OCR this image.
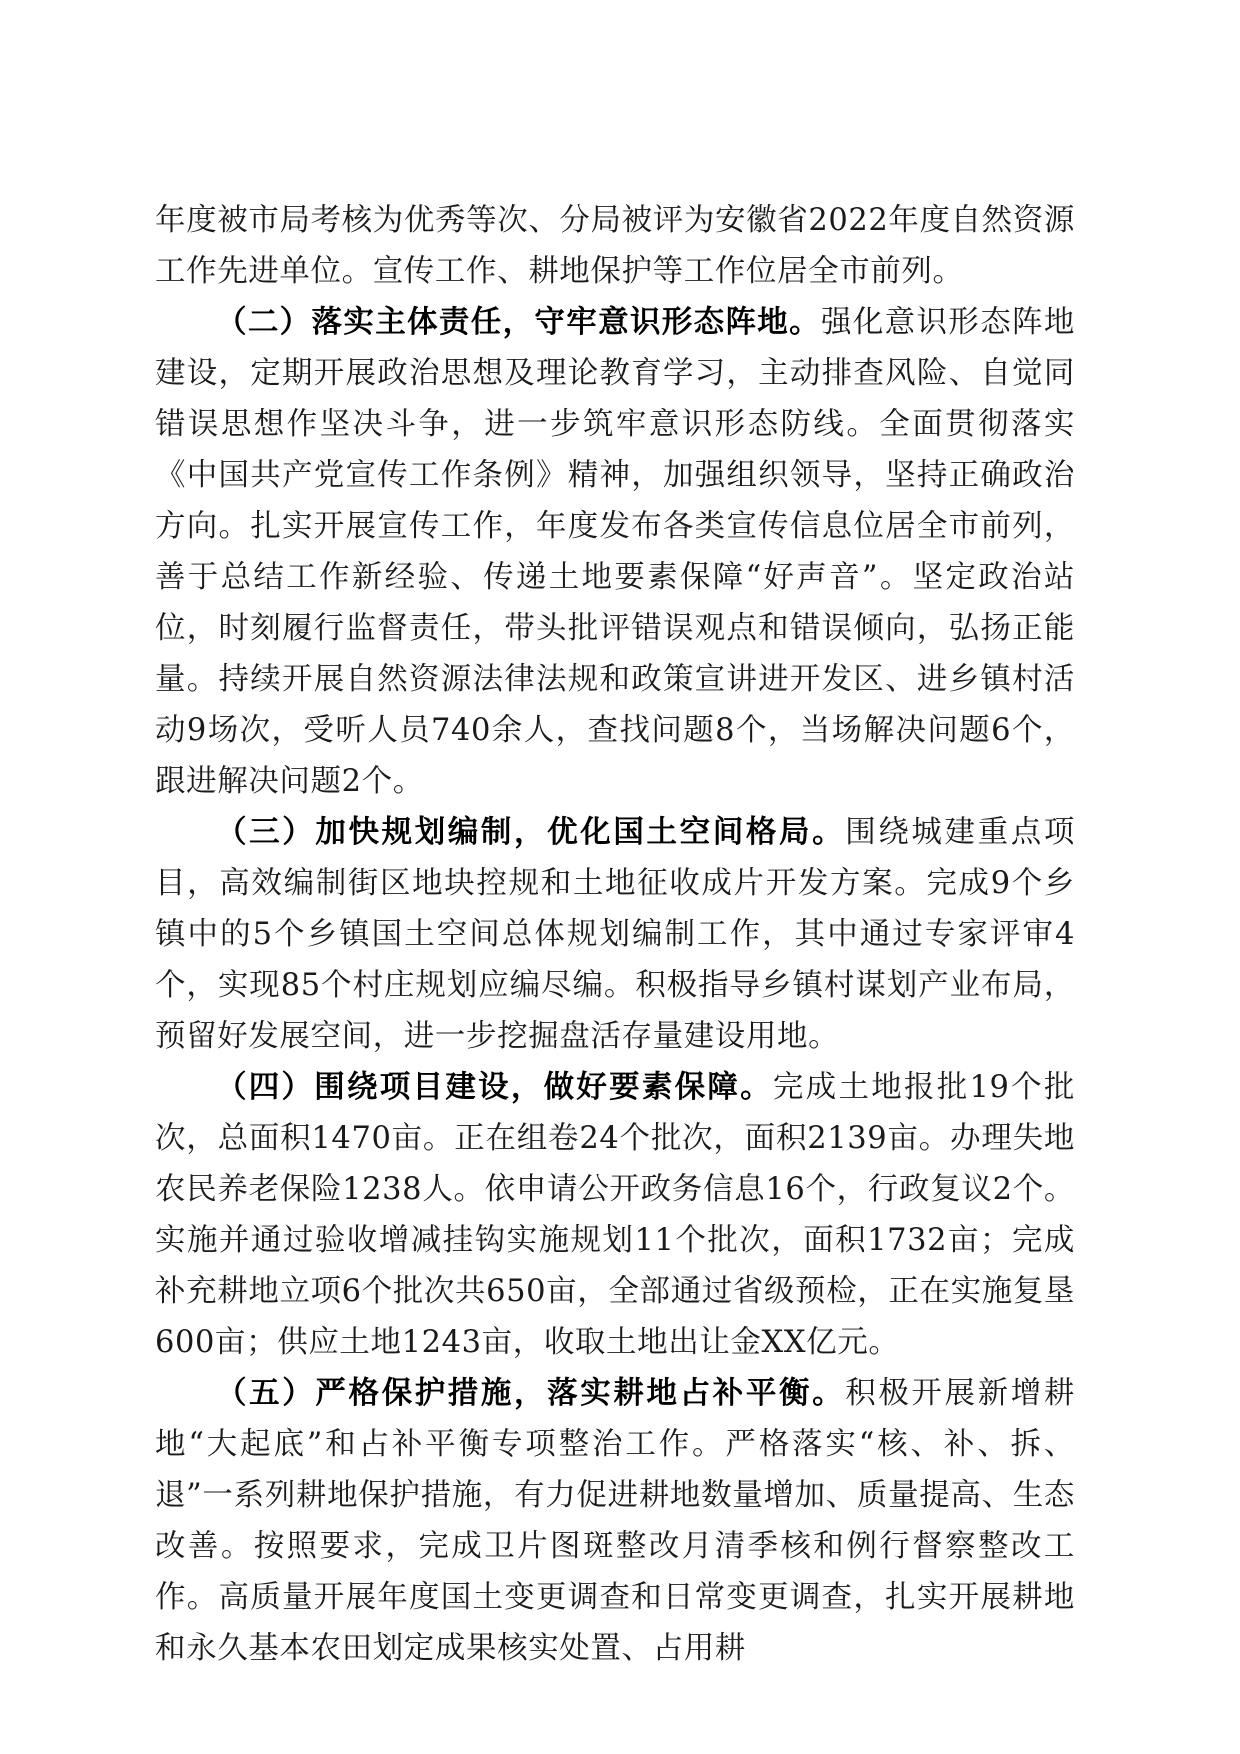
年度被市局考核为优秀等次、分局被评为安徽省2022年度自然资源工作先进单位。宣传工作、耕地保护等工作位居全市前列。

（二）落实主体责任，守牢意识形态阵地。强化意识形态阵地建设，定期开展政治思想及理论教育学习，主动排查风险、自觉同错误思想作坚决斗争，进一步筑牢意识形态防线。全面贯彻落实《中国共产党宣传工作条例》精神，加强组织领导，坚持正确政治方向。扎实开展宣传工作，年度发布各类宣传信息位居全市前列，善于总结工作新经验、传递土地要素保障“好声音”。坚定政治站位，时刻履行监督责任，带头批评错误观点和错误倾向，弘扬正能量。持续开展自然资源法律法规和政策宣讲进开发区、进乡镇村活动9场次，受听人员740余人，查找问题8个，当场解决问题6个，跟进解决问题2个。

（三）加快规划编制，优化国土空间格局。围绕城建重点项目，高效编制街区地块控规和土地征收成片开发方案。完成9个乡镇中的5个乡镇国土空间总体规划编制工作，其中通过专家评审4个，实现85个村庄规划应编尽编。积极指导乡镇村谋划产业布局，预留好发展空间，进一步挖掘盘活存量建设用地。

（四）围绕项目建设，做好要素保障。完成土地报批19个批次，总面积1470亩。正在组卷24个批次，面积2139亩。办理失地农民养老保险1238人。依申请公开政务信息16个，行政复议2个。实施并通过验收增减挂钩实施规划11个批次，面积1732亩；完成补充耕地立项6个批次共650亩，全部通过省级预检，正在实施复垦600亩；供应土地1243亩，收取土地出让金XX亿元。

（五）严格保护措施，落实耕地占补平衡。积极开展新增耕地“大起底”和占补平衡专项整治工作。严格落实“核、补、拆、退”一系列耕地保护措施，有力促进耕地数量增加、质量提高、生态改善。按照要求，完成卫片图斑整改月清季核和例行督察整改工作。高质量开展年度国土变更调查和日常变更调查，扎实开展耕地和永久基本农田划定成果核实处置、占用耕
